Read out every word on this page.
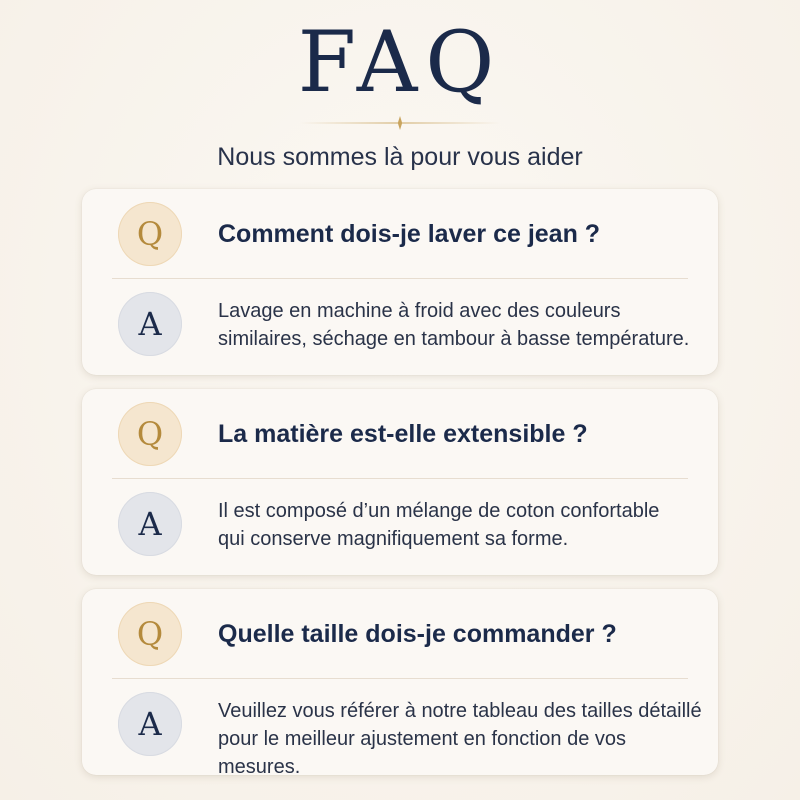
FAQ
Nous sommes là pour vous aider
Q	Comment dois-je laver ce jean ?
A	Lavage en machine à froid avec des couleurs
similaires, séchage en tambour à basse température.
Q	La matière est-elle extensible ?
A	Il est composé d’un mélange de coton confortable
qui conserve magnifiquement sa forme.
Q	Quelle taille dois-je commander ?
A	Veuillez vous référer à notre tableau des tailles détaillé
pour le meilleur ajustement en fonction de vos mesures.
